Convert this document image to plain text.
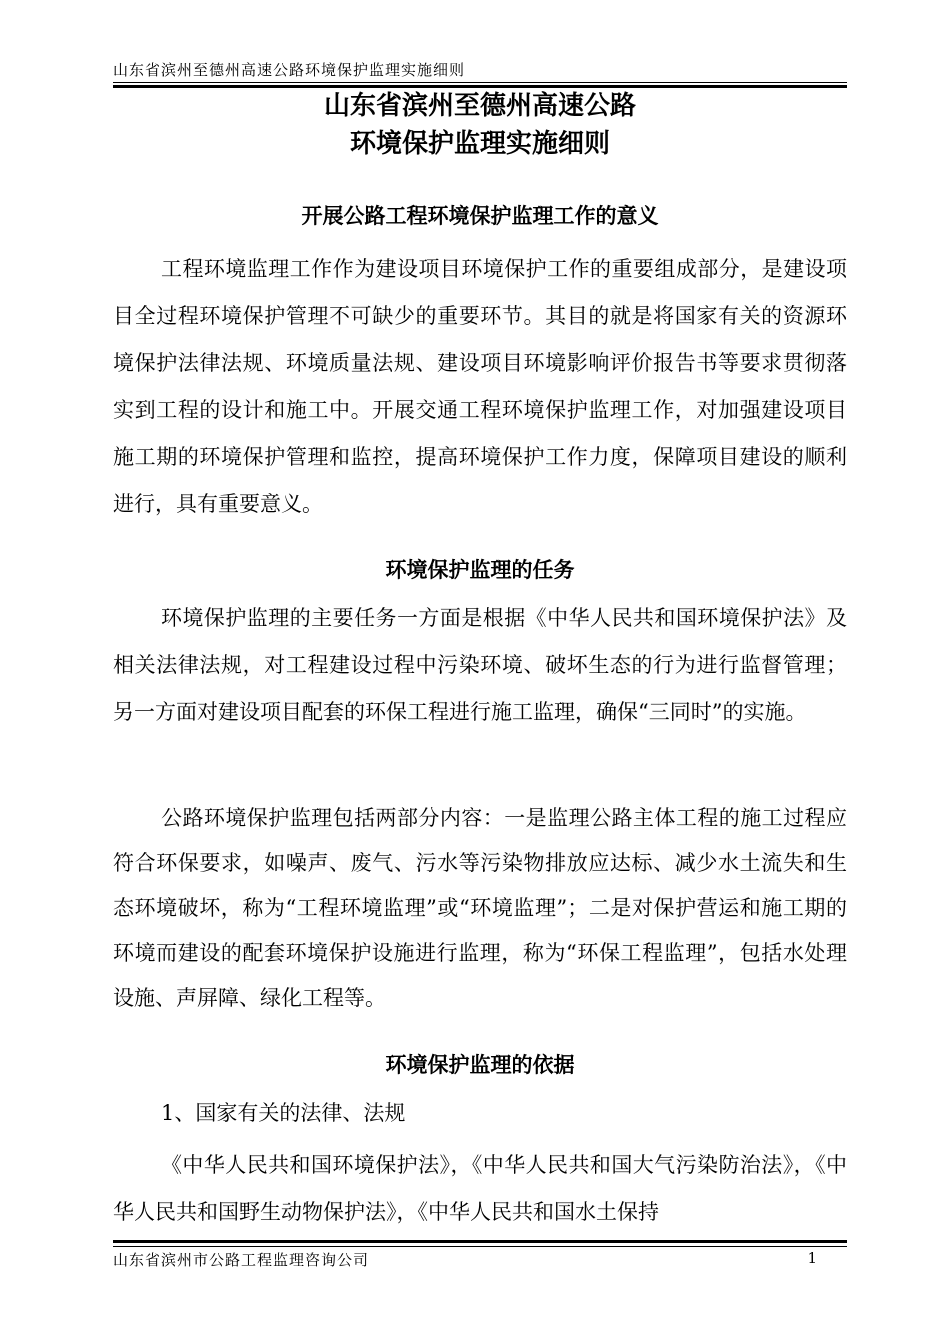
山东省滨州至德州高速公路环境保护监理实施细则
山东省滨州至德州高速公路
环境保护监理实施细则
开展公路工程环境保护监理工作的意义

工程环境监理工作作为建设项目环境保护工作的重要组成部分，是建设项目全过程环境保护管理不可缺少的重要环节。其目的就是将国家有关的资源环境保护法律法规、环境质量法规、建设项目环境影响评价报告书等要求贯彻落实到工程的设计和施工中。开展交通工程环境保护监理工作，对加强建设项目施工期的环境保护管理和监控，提高环境保护工作力度，保障项目建设的顺利进行，具有重要意义。

环境保护监理的任务

环境保护监理的主要任务一方面是根据《中华人民共和国环境保护法》及相关法律法规，对工程建设过程中污染环境、破坏生态的行为进行监督管理；另一方面对建设项目配套的环保工程进行施工监理，确保“三同时”的实施。

公路环境保护监理包括两部分内容：一是监理公路主体工程的施工过程应符合环保要求，如噪声、废气、污水等污染物排放应达标、减少水土流失和生态环境破坏，称为“工程环境监理”或“环境监理”；二是对保护营运和施工期的环境而建设的配套环境保护设施进行监理，称为“环保工程监理”，包括水处理设施、声屏障、绿化工程等。

环境保护监理的依据

1、国家有关的法律、法规

《中华人民共和国环境保护法》，《中华人民共和国大气污染防治法》，《中华人民共和国野生动物保护法》，《中华人民共和国水土保持

山东省滨州市公路工程监理咨询公司	1
